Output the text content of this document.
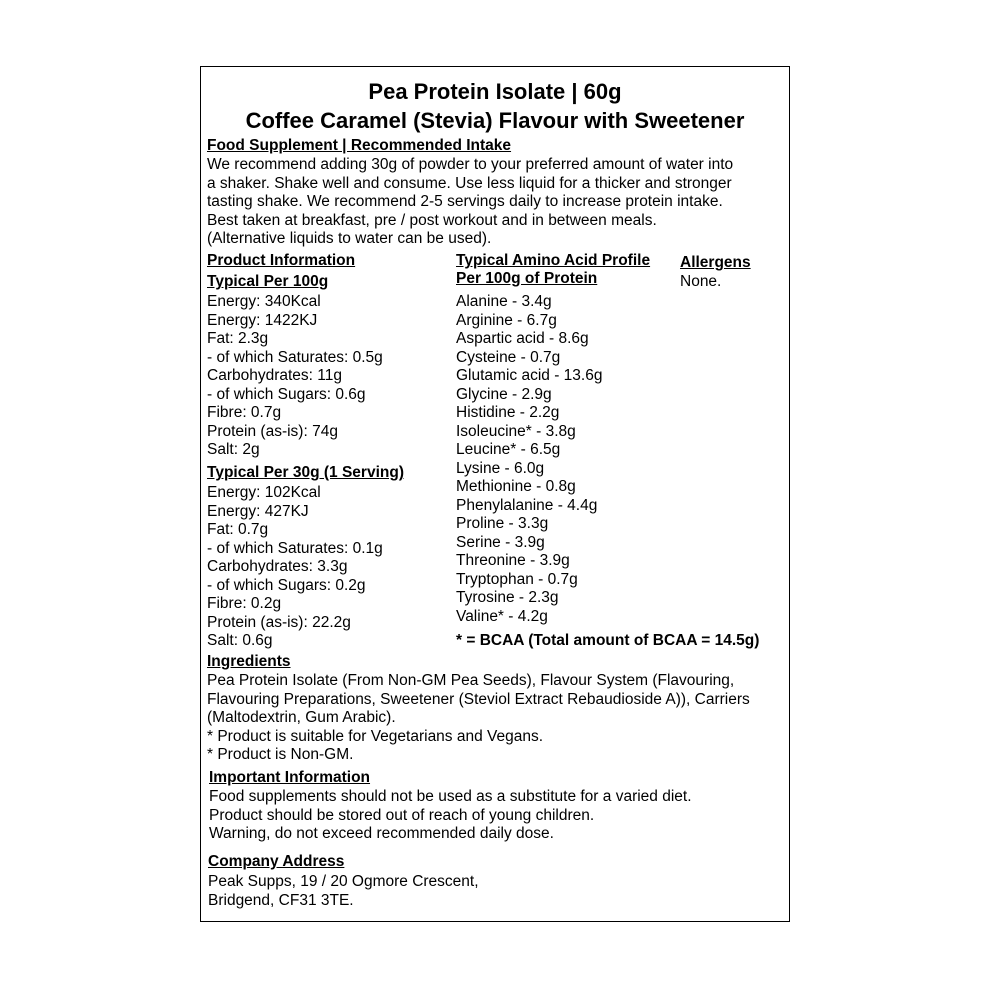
Pea Protein Isolate | 60g
Coffee Caramel (Stevia) Flavour with Sweetener
Food Supplement | Recommended Intake
We recommend adding 30g of powder to your preferred amount of water into
a shaker. Shake well and consume. Use less liquid for a thicker and stronger
tasting shake. We recommend 2-5 servings daily to increase protein intake.
Best taken at breakfast, pre / post workout and in between meals.
(Alternative liquids to water can be used).
Product Information
Typical Per 100g
Energy: 340Kcal
Energy: 1422KJ
Fat: 2.3g
- of which Saturates: 0.5g
Carbohydrates: 11g
- of which Sugars: 0.6g
Fibre: 0.7g
Protein (as-is): 74g
Salt: 2g
Typical Per 30g (1 Serving)
Energy: 102Kcal
Energy: 427KJ
Fat: 0.7g
- of which Saturates: 0.1g
Carbohydrates: 3.3g
- of which Sugars: 0.2g
Fibre: 0.2g
Protein (as-is): 22.2g
Salt: 0.6g
Typical Amino Acid Profile
Per 100g of Protein
Alanine - 3.4g
Arginine - 6.7g
Aspartic acid - 8.6g
Cysteine - 0.7g
Glutamic acid - 13.6g
Glycine - 2.9g
Histidine - 2.2g
Isoleucine* - 3.8g
Leucine* - 6.5g
Lysine - 6.0g
Methionine - 0.8g
Phenylalanine - 4.4g
Proline - 3.3g
Serine - 3.9g
Threonine - 3.9g
Tryptophan - 0.7g
Tyrosine - 2.3g
Valine* - 4.2g
* = BCAA (Total amount of BCAA = 14.5g)
Allergens
None.
Ingredients
Pea Protein Isolate (From Non-GM Pea Seeds), Flavour System (Flavouring,
Flavouring Preparations, Sweetener (Steviol Extract Rebaudioside A)), Carriers
(Maltodextrin, Gum Arabic).
* Product is suitable for Vegetarians and Vegans.
* Product is Non-GM.
Important Information
Food supplements should not be used as a substitute for a varied diet.
Product should be stored out of reach of young children.
Warning, do not exceed recommended daily dose.
Company Address
Peak Supps, 19 / 20 Ogmore Crescent,
Bridgend, CF31 3TE.
